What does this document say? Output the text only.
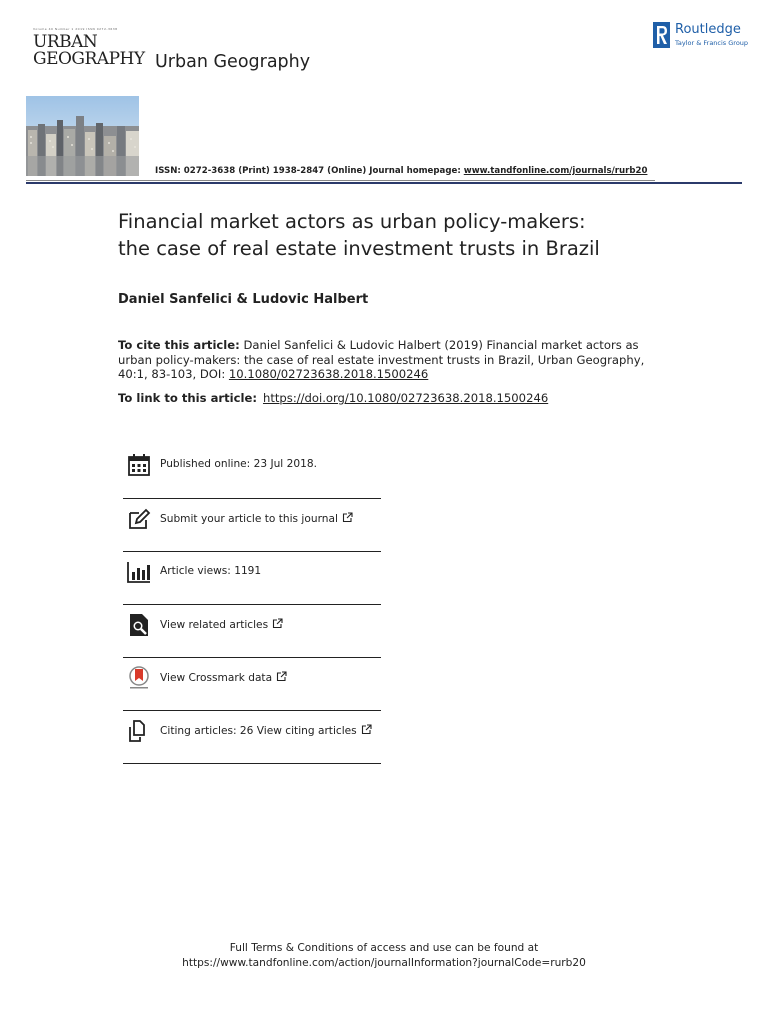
Volume 40 Number 1 2019 ISSN 0272-3638
URBAN
GEOGRAPHY Urban Geography
Routledge
Taylor & Francis Group
ISSN: 0272-3638 (Print) 1938-2847 (Online) Journal homepage: www.tandfonline.com/journals/rurb20
Financial market actors as urban policy-makers:
the case of real estate investment trusts in Brazil
Daniel Sanfelici & Ludovic Halbert
To cite this article: Daniel Sanfelici & Ludovic Halbert (2019) Financial market actors as urban policy-makers: the case of real estate investment trusts in Brazil, Urban Geography, 40:1, 83-103, DOI: 10.1080/02723638.2018.1500246
To link to this article: https://doi.org/10.1080/02723638.2018.1500246
Published online: 23 Jul 2018.
Submit your article to this journal
Article views: 1191
View related articles
View Crossmark data
Citing articles: 26 View citing articles
Full Terms & Conditions of access and use can be found at
https://www.tandfonline.com/action/journalInformation?journalCode=rurb20
